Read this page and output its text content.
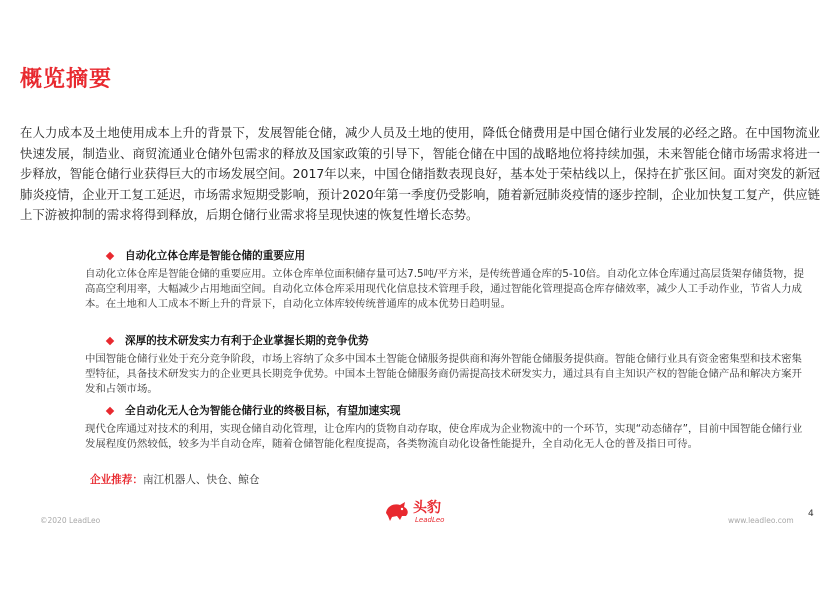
概览摘要
在人力成本及土地使用成本上升的背景下，发展智能仓储，减少人员及土地的使用，降低仓储费用是中国仓储行业发展的必经之路。在中国物流业快速发展，制造业、商贸流通业仓储外包需求的释放及国家政策的引导下，智能仓储在中国的战略地位将持续加强，未来智能仓储市场需求将进一步释放，智能仓储行业获得巨大的市场发展空间。2017年以来，中国仓储指数表现良好，基本处于荣枯线以上，保持在扩张区间。面对突发的新冠肺炎疫情，企业开工复工延迟，市场需求短期受影响，预计2020年第一季度仍受影响，随着新冠肺炎疫情的逐步控制，企业加快复工复产，供应链上下游被抑制的需求将得到释放，后期仓储行业需求将呈现快速的恢复性增长态势。
自动化立体仓库是智能仓储的重要应用
自动化立体仓库是智能仓储的重要应用。立体仓库单位面积储存量可达7.5吨/平方米，是传统普通仓库的5-10倍。自动化立体仓库通过高层货架存储货物，提高高空利用率，大幅减少占用地面空间。自动化立体仓库采用现代化信息技术管理手段，通过智能化管理提高仓库存储效率，减少人工手动作业，节省人力成本。在土地和人工成本不断上升的背景下，自动化立体库较传统普通库的成本优势日趋明显。
深厚的技术研发实力有利于企业掌握长期的竞争优势
中国智能仓储行业处于充分竞争阶段，市场上容纳了众多中国本土智能仓储服务提供商和海外智能仓储服务提供商。智能仓储行业具有资金密集型和技术密集型特征，具备技术研发实力的企业更具长期竞争优势。中国本土智能仓储服务商仍需提高技术研发实力，通过具有自主知识产权的智能仓储产品和解决方案开发和占领市场。
全自动化无人仓为智能仓储行业的终极目标，有望加速实现
现代仓库通过对技术的利用，实现仓储自动化管理，让仓库内的货物自动存取，使仓库成为企业物流中的一个环节，实现“动态储存”，目前中国智能仓储行业发展程度仍然较低，较多为半自动仓库，随着仓储智能化程度提高，各类物流自动化设备性能提升，全自动化无人仓的普及指日可待。
企业推荐：南江机器人、快仓、鲸仓
©2020 LeadLeo
头豹
LeadLeo	www.leadleo.com
4
